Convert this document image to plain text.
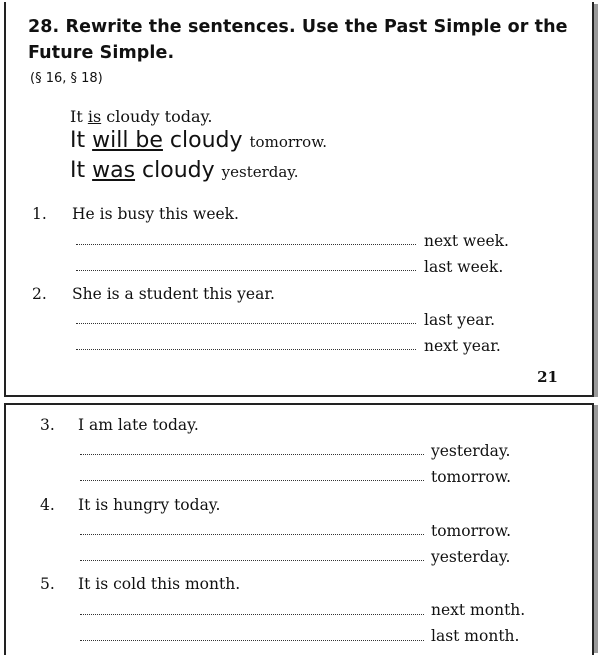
28. Rewrite the sentences. Use the Past Simple or the Future Simple.
(§ 16, § 18)
It is cloudy today.
It will be cloudy tomorrow.
It was cloudy yesterday.
1. He is busy this week.
next week.
last week.
2. She is a student this year.
last year.
next year.
21
3. I am late today.
yesterday.
tomorrow.
4. It is hungry today.
tomorrow.
yesterday.
5. It is cold this month.
next month.
last month.
